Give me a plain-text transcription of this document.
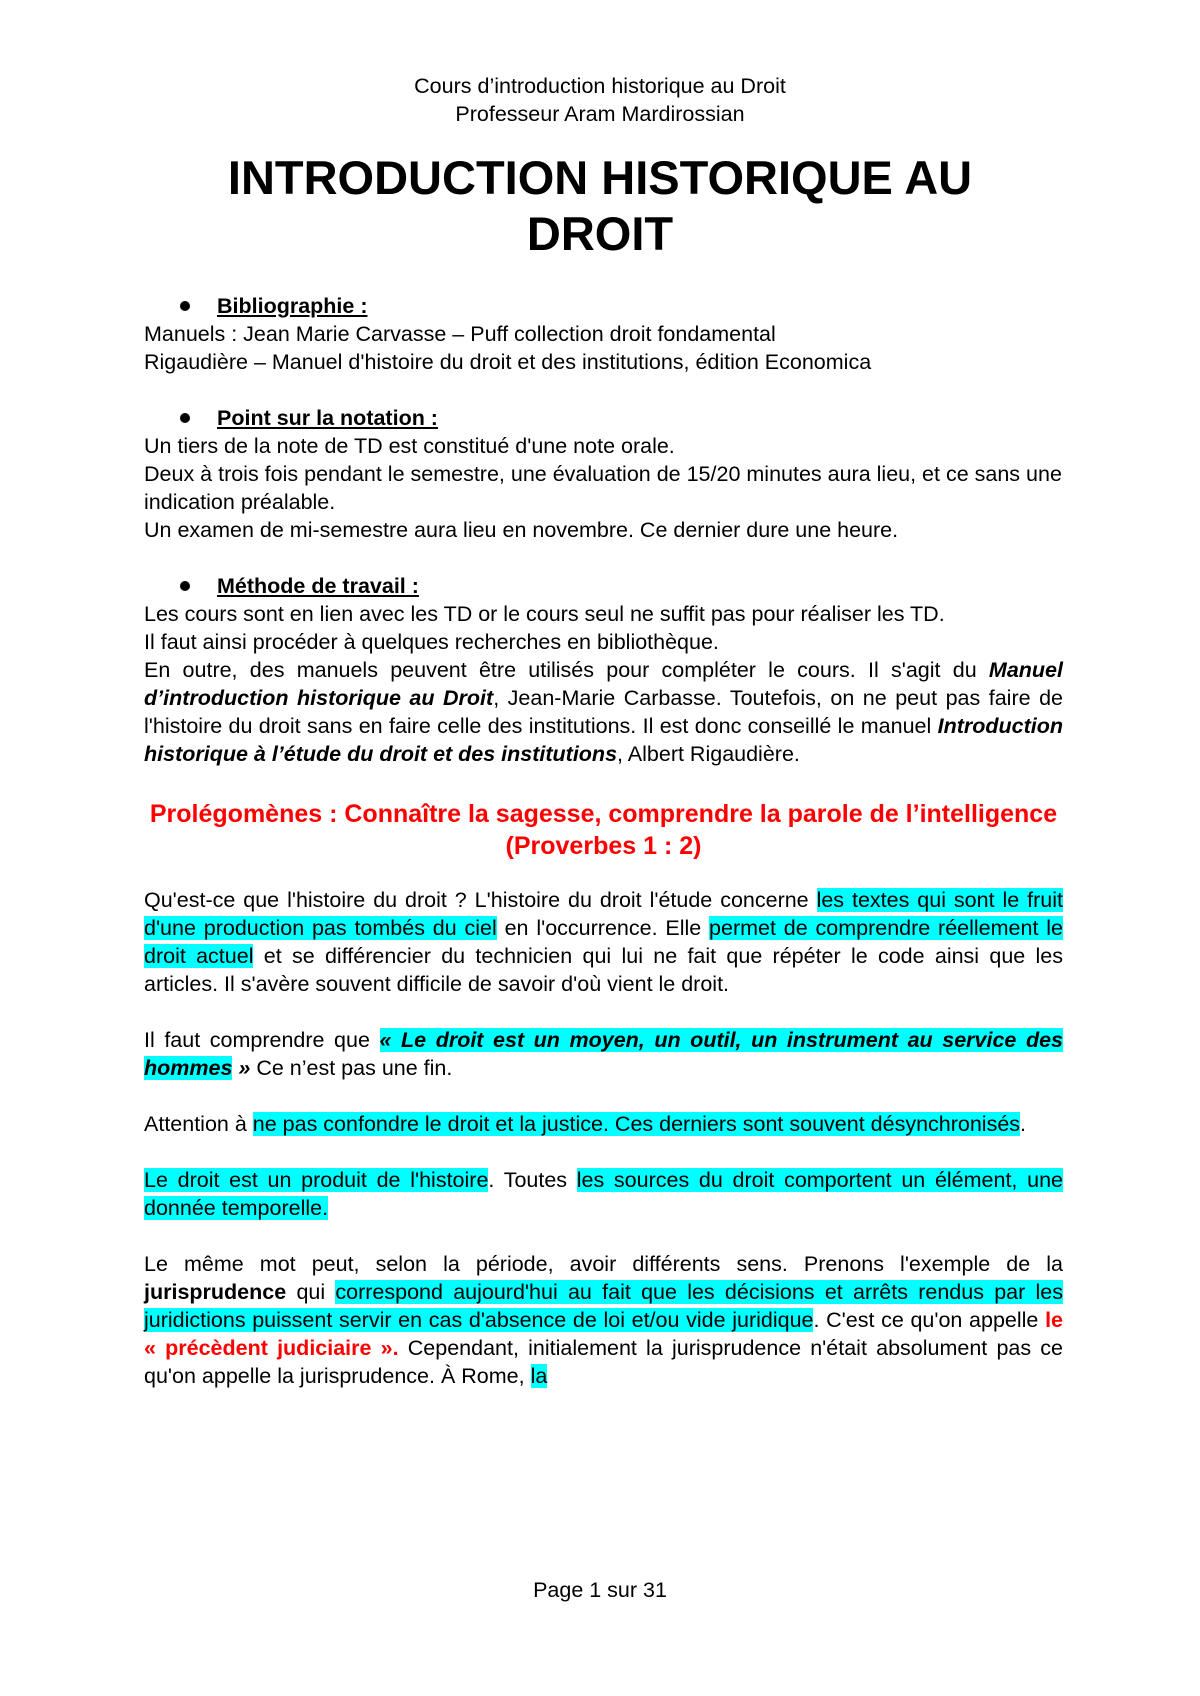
Cours d’introduction historique au Droit
Professeur Aram Mardirossian
INTRODUCTION HISTORIQUE AU
DROIT
Bibliographie :

Manuels : Jean Marie Carvasse – Puff collection droit fondamental

Rigaudière – Manuel d'histoire du droit et des institutions, édition Economica

Point sur la notation :

Un tiers de la note de TD est constitué d'une note orale.

Deux à trois fois pendant le semestre, une évaluation de 15/20 minutes aura lieu, et ce sans une indication préalable.

Un examen de mi-semestre aura lieu en novembre. Ce dernier dure une heure.

Méthode de travail :

Les cours sont en lien avec les TD or le cours seul ne suffit pas pour réaliser les TD.

Il faut ainsi procéder à quelques recherches en bibliothèque.

En outre, des manuels peuvent être utilisés pour compléter le cours. Il s'agit du Manuel d’introduction historique au Droit, Jean-Marie Carbasse. Toutefois, on ne peut pas faire de l'histoire du droit sans en faire celle des institutions. Il est donc conseillé le manuel Introduction historique à l’étude du droit et des institutions, Albert Rigaudière.

Prolégomènes : Connaître la sagesse, comprendre la parole de l’intelligence
(Proverbes 1 : 2)

Qu'est-ce que l'histoire du droit ? L'histoire du droit l'étude concerne les textes qui sont le fruit d'une production pas tombés du ciel en l'occurrence. Elle permet de comprendre réellement le droit actuel et se différencier du technicien qui lui ne fait que répéter le code ainsi que les articles. Il s'avère souvent difficile de savoir d'où vient le droit.

Il faut comprendre que « Le droit est un moyen, un outil, un instrument au service des hommes » Ce n’est pas une fin.

Attention à ne pas confondre le droit et la justice. Ces derniers sont souvent désynchronisés.

Le droit est un produit de l'histoire. Toutes les sources du droit comportent un élément, une donnée temporelle.

Le même mot peut, selon la période, avoir différents sens. Prenons l'exemple de la jurisprudence qui correspond aujourd'hui au fait que les décisions et arrêts rendus par les juridictions puissent servir en cas d'absence de loi et/ou vide juridique. C'est ce qu'on appelle le « précèdent judiciaire ». Cependant, initialement la jurisprudence n'était absolument pas ce qu'on appelle la jurisprudence. À Rome, la

Page 1 sur 31
